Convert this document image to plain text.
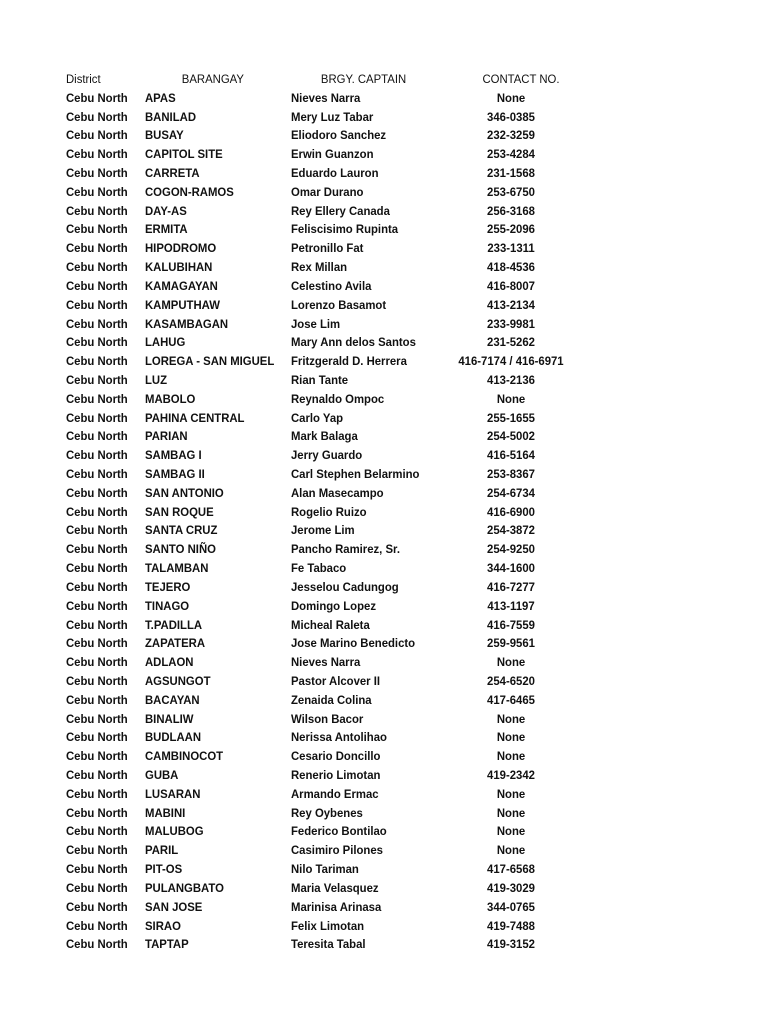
District	BARANGAY	BRGY. CAPTAIN	CONTACT NO.
Cebu North	APAS	Nieves Narra	None
Cebu North	BANILAD	Mery Luz Tabar	346-0385
Cebu North	BUSAY	Eliodoro Sanchez	232-3259
Cebu North	CAPITOL SITE	Erwin Guanzon	253-4284
Cebu North	CARRETA	Eduardo Lauron	231-1568
Cebu North	COGON-RAMOS	Omar Durano	253-6750
Cebu North	DAY-AS	Rey Ellery Canada	256-3168
Cebu North	ERMITA	Feliscisimo Rupinta	255-2096
Cebu North	HIPODROMO	Petronillo Fat	233-1311
Cebu North	KALUBIHAN	Rex Millan	418-4536
Cebu North	KAMAGAYAN	Celestino Avila	416-8007
Cebu North	KAMPUTHAW	Lorenzo Basamot	413-2134
Cebu North	KASAMBAGAN	Jose Lim	233-9981
Cebu North	LAHUG	Mary Ann delos Santos	231-5262
Cebu North	LOREGA - SAN MIGUEL	Fritzgerald D. Herrera	416-7174 / 416-6971
Cebu North	LUZ	Rian Tante	413-2136
Cebu North	MABOLO	Reynaldo Ompoc	None
Cebu North	PAHINA CENTRAL	Carlo Yap	255-1655
Cebu North	PARIAN	Mark Balaga	254-5002
Cebu North	SAMBAG I	Jerry Guardo	416-5164
Cebu North	SAMBAG II	Carl Stephen Belarmino	253-8367
Cebu North	SAN ANTONIO	Alan Masecampo	254-6734
Cebu North	SAN ROQUE	Rogelio Ruizo	416-6900
Cebu North	SANTA CRUZ	Jerome Lim	254-3872
Cebu North	SANTO NIÑO	Pancho Ramirez, Sr.	254-9250
Cebu North	TALAMBAN	Fe Tabaco	344-1600
Cebu North	TEJERO	Jesselou Cadungog	416-7277
Cebu North	TINAGO	Domingo Lopez	413-1197
Cebu North	T.PADILLA	Micheal Raleta	416-7559
Cebu North	ZAPATERA	Jose Marino Benedicto	259-9561
Cebu North	ADLAON	Nieves Narra	None
Cebu North	AGSUNGOT	Pastor Alcover II	254-6520
Cebu North	BACAYAN	Zenaida Colina	417-6465
Cebu North	BINALIW	Wilson Bacor	None
Cebu North	BUDLAAN	Nerissa Antolihao	None
Cebu North	CAMBINOCOT	Cesario Doncillo	None
Cebu North	GUBA	Renerio Limotan	419-2342
Cebu North	LUSARAN	Armando Ermac	None
Cebu North	MABINI	Rey Oybenes	None
Cebu North	MALUBOG	Federico Bontilao	None
Cebu North	PARIL	Casimiro Pilones	None
Cebu North	PIT-OS	Nilo Tariman	417-6568
Cebu North	PULANGBATO	Maria Velasquez	419-3029
Cebu North	SAN JOSE	Marinisa Arinasa	344-0765
Cebu North	SIRAO	Felix Limotan	419-7488
Cebu North	TAPTAP	Teresita Tabal	419-3152
